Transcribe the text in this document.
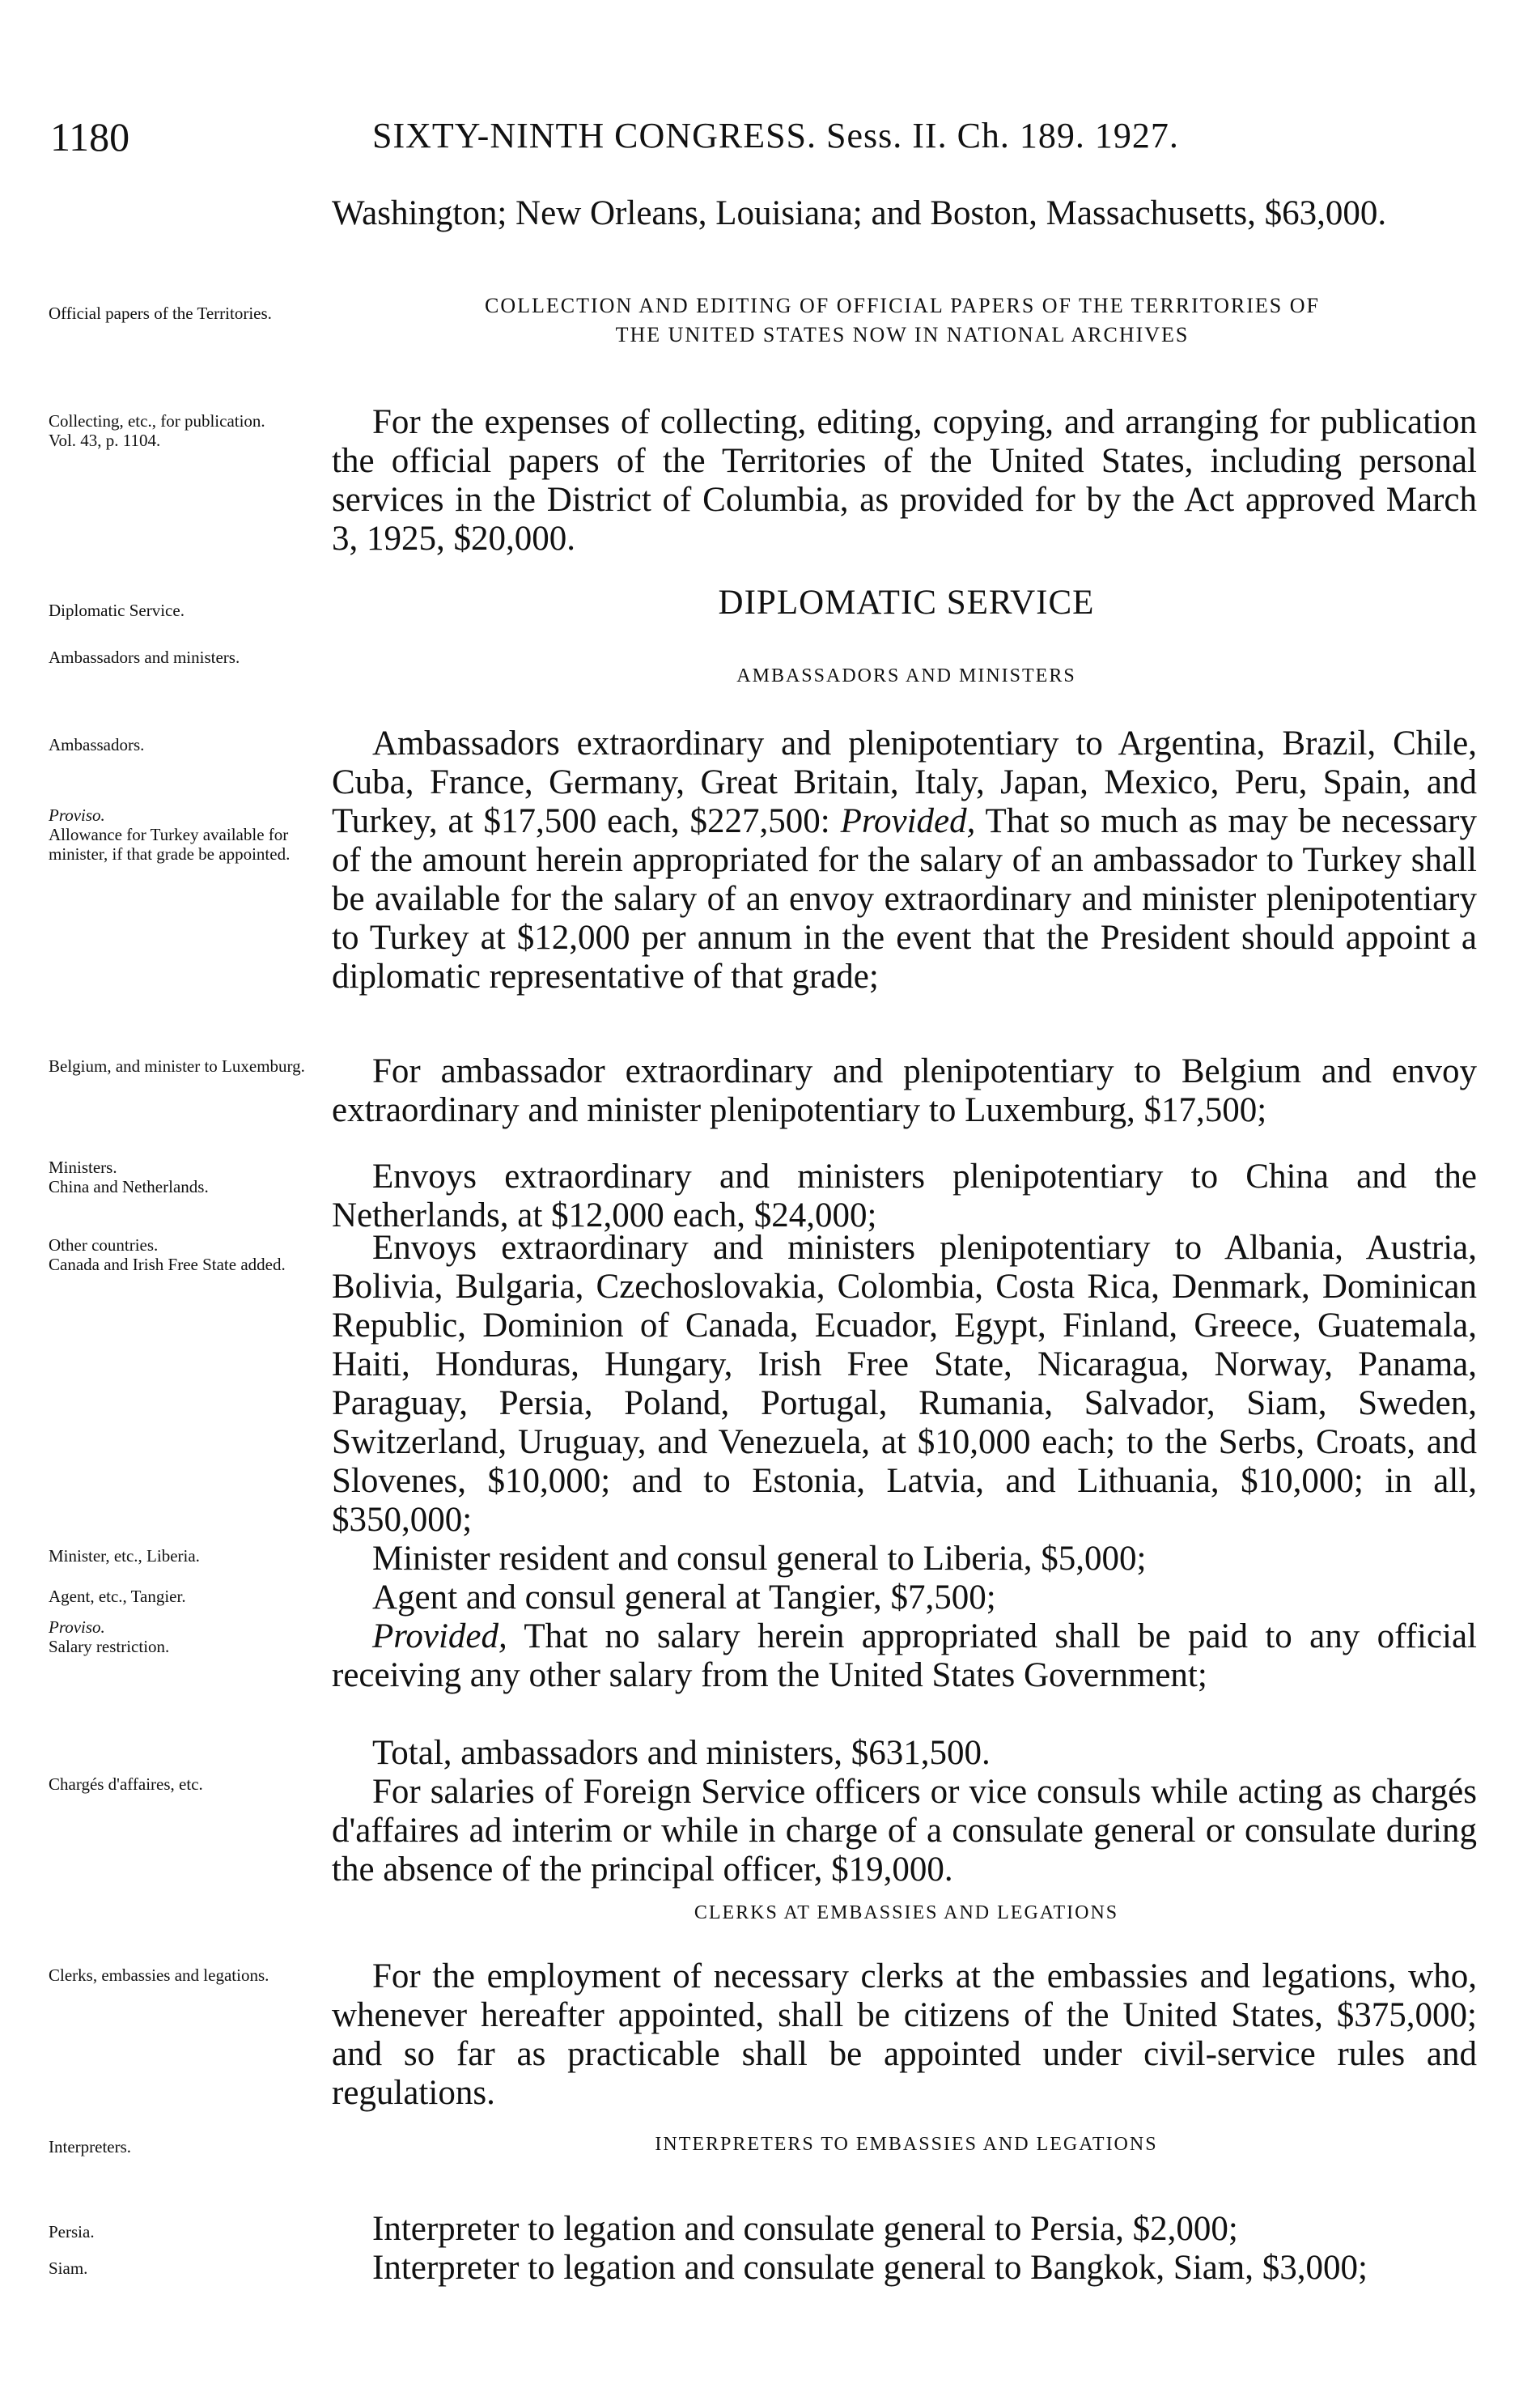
1180	SIXTY-NINTH CONGRESS. Sess. II. Ch. 189. 1927.
Washington; New Orleans, Louisiana; and Boston, Massachusetts, $63,000.
Official papers of the Territories.	COLLECTION AND EDITING OF OFFICIAL PAPERS OF THE TERRITORIES OF
THE UNITED STATES NOW IN NATIONAL ARCHIVES
Collecting, etc., for publication.
Vol. 43, p. 1104.	For the expenses of collecting, editing, copying, and arranging for publication the official papers of the Territories of the United States, including personal services in the District of Columbia, as provided for by the Act approved March 3, 1925, $20,000.
Diplomatic Service.	DIPLOMATIC SERVICE
Ambassadors and ministers.
AMBASSADORS AND MINISTERS
Ambassadors.
Proviso.
Allowance for Turkey available for minister, if that grade be appointed.
Ambassadors extraordinary and plenipotentiary to Argentina, Brazil, Chile, Cuba, France, Germany, Great Britain, Italy, Japan, Mexico, Peru, Spain, and Turkey, at $17,500 each, $227,500: Provided, That so much as may be necessary of the amount herein appropriated for the salary of an ambassador to Turkey shall be available for the salary of an envoy extraordinary and minister plenipotentiary to Turkey at $12,000 per annum in the event that the President should appoint a diplomatic representative of that grade;
Belgium, and minister to Luxemburg.	For ambassador extraordinary and plenipotentiary to Belgium and envoy extraordinary and minister plenipotentiary to Luxemburg, $17,500;
Ministers.
China and Netherlands.	Envoys extraordinary and ministers plenipotentiary to China and the Netherlands, at $12,000 each, $24,000;
Other countries.
Canada and Irish Free State added.	Envoys extraordinary and ministers plenipotentiary to Albania, Austria, Bolivia, Bulgaria, Czechoslovakia, Colombia, Costa Rica, Denmark, Dominican Republic, Dominion of Canada, Ecuador, Egypt, Finland, Greece, Guatemala, Haiti, Honduras, Hungary, Irish Free State, Nicaragua, Norway, Panama, Paraguay, Persia, Poland, Portugal, Rumania, Salvador, Siam, Sweden, Switzerland, Uruguay, and Venezuela, at $10,000 each; to the Serbs, Croats, and Slovenes, $10,000; and to Estonia, Latvia, and Lithuania, $10,000; in all, $350,000;
Minister, etc., Liberia.	Minister resident and consul general to Liberia, $5,000;
Agent, etc., Tangier.	Agent and consul general at Tangier, $7,500;
Proviso.
Salary restriction.	Provided, That no salary herein appropriated shall be paid to any official receiving any other salary from the United States Government;
Total, ambassadors and ministers, $631,500.
Chargés d'affaires, etc.	For salaries of Foreign Service officers or vice consuls while acting as chargés d'affaires ad interim or while in charge of a consulate general or consulate during the absence of the principal officer, $19,000.
CLERKS AT EMBASSIES AND LEGATIONS
Clerks, embassies and legations.	For the employment of necessary clerks at the embassies and legations, who, whenever hereafter appointed, shall be citizens of the United States, $375,000; and so far as practicable shall be appointed under civil-service rules and regulations.
Interpreters.	INTERPRETERS TO EMBASSIES AND LEGATIONS
Persia.	Interpreter to legation and consulate general to Persia, $2,000;
Siam.	Interpreter to legation and consulate general to Bangkok, Siam, $3,000;
